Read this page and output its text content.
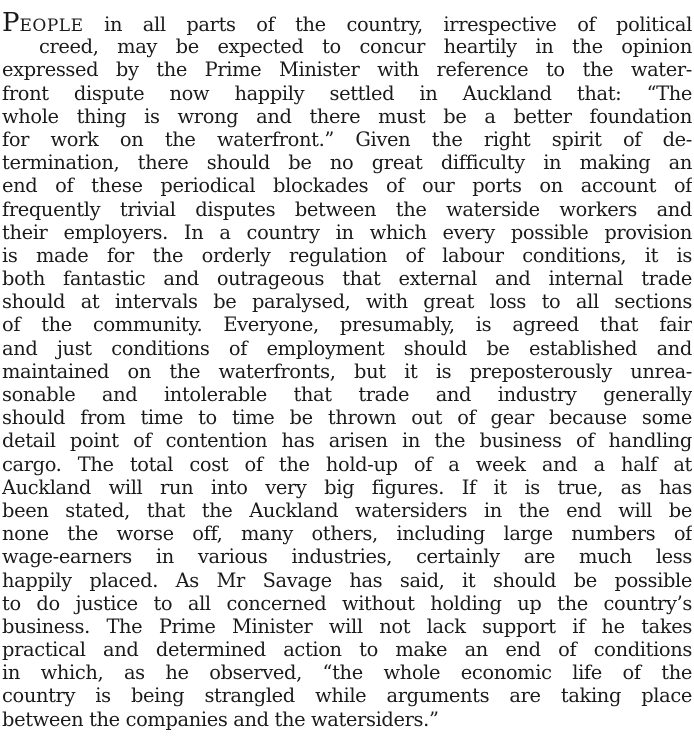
PEOPLE in all parts of the country, irrespective of political
creed, may be expected to concur heartily in the opinion
expressed by the Prime Minister with reference to the water-
front dispute now happily settled in Auckland that: “The
whole thing is wrong and there must be a better foundation
for work on the waterfront.” Given the right spirit of de-
termination, there should be no great difficulty in making an
end of these periodical blockades of our ports on account of
frequently trivial disputes between the waterside workers and
their employers. In a country in which every possible provision
is made for the orderly regulation of labour conditions, it is
both fantastic and outrageous that external and internal trade
should at intervals be paralysed, with great loss to all sections
of the community. Everyone, presumably, is agreed that fair
and just conditions of employment should be established and
maintained on the waterfronts, but it is preposterously unrea-
sonable and intolerable that trade and industry generally
should from time to time be thrown out of gear because some
detail point of contention has arisen in the business of handling
cargo. The total cost of the hold-up of a week and a half at
Auckland will run into very big figures. If it is true, as has
been stated, that the Auckland watersiders in the end will be
none the worse off, many others, including large numbers of
wage-earners in various industries, certainly are much less
happily placed. As Mr Savage has said, it should be possible
to do justice to all concerned without holding up the country’s
business. The Prime Minister will not lack support if he takes
practical and determined action to make an end of conditions
in which, as he observed, “the whole economic life of the
country is being strangled while arguments are taking place
between the companies and the watersiders.”
